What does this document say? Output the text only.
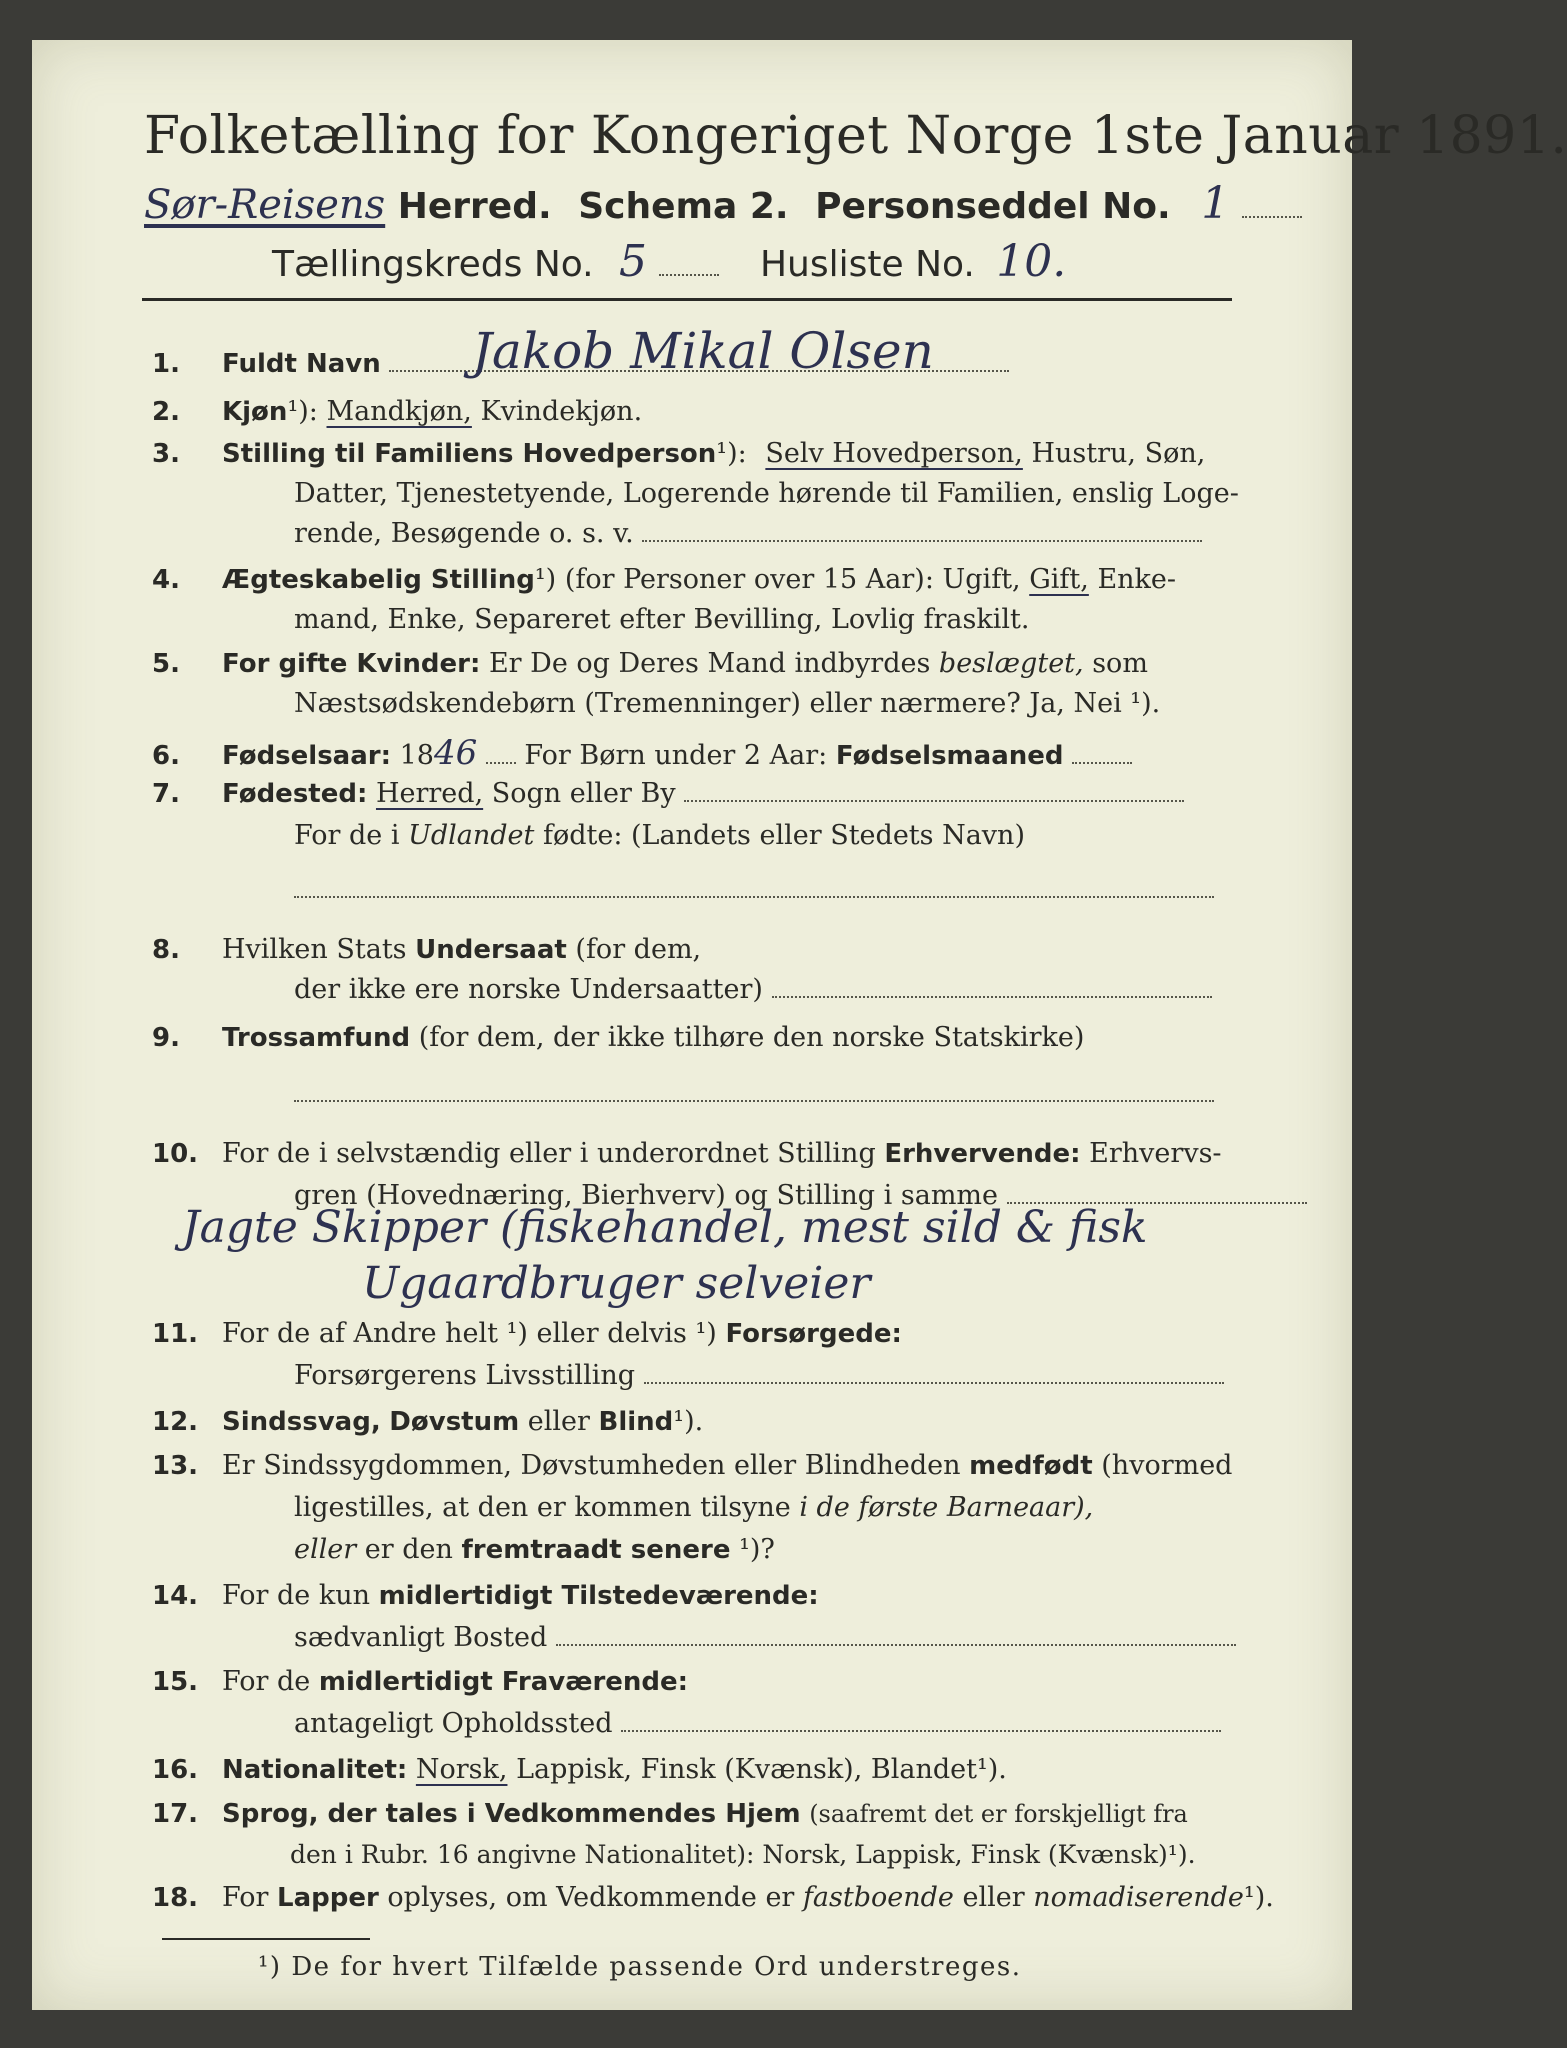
Folketælling for Kongeriget Norge 1ste Januar 1891.
Sør-Reisens Herred. Schema 2. Personseddel No. 1
Tællingskreds No. 5	Husliste No. 10.
1. Fuldt Navn	Jakob Mikal Olsen
2. Kjøn¹): Mandkjøn, Kvindekjøn.
3. Stilling til Familiens Hovedperson¹): Selv Hovedperson, Hustru, Søn,
Datter, Tjenestetyende, Logerende hørende til Familien, enslig Loge-
rende, Besøgende o. s. v.
4. Ægteskabelig Stilling¹) (for Personer over 15 Aar): Ugift, Gift, Enke-
mand, Enke, Separeret efter Bevilling, Lovlig fraskilt.
5. For gifte Kvinder: Er De og Deres Mand indbyrdes beslægtet, som
Næstsødskendebørn (Tremenninger) eller nærmere? Ja, Nei ¹).
6. Fødselsaar: 1846 For Børn under 2 Aar: Fødselsmaaned
7. Fødested: Herred, Sogn eller By
For de i Udlandet fødte: (Landets eller Stedets Navn)
8. Hvilken Stats Undersaat (for dem,
der ikke ere norske Undersaatter)
9. Trossamfund (for dem, der ikke tilhøre den norske Statskirke)
10. For de i selvstændig eller i underordnet Stilling Erhvervende: Erhvervs-
gren (Hovednæring, Bierhverv) og Stilling i samme
Jagte Skipper (fiskehandel, mest sild & fisk
Ugaardbruger selveier
11. For de af Andre helt ¹) eller delvis ¹) Forsørgede:
Forsørgerens Livsstilling
12. Sindssvag, Døvstum eller Blind¹).
13. Er Sindssygdommen, Døvstumheden eller Blindheden medfødt (hvormed
ligestilles, at den er kommen tilsyne i de første Barneaar),
eller er den fremtraadt senere ¹)?
14. For de kun midlertidigt Tilstedeværende:
sædvanligt Bosted
15. For de midlertidigt Fraværende:
antageligt Opholdssted
16. Nationalitet: Norsk, Lappisk, Finsk (Kvænsk), Blandet¹).
17. Sprog, der tales i Vedkommendes Hjem (saafremt det er forskjelligt fra
den i Rubr. 16 angivne Nationalitet): Norsk, Lappisk, Finsk (Kvænsk)¹).
18. For Lapper oplyses, om Vedkommende er fastboende eller nomadiserende¹).
¹) De for hvert Tilfælde passende Ord understreges.
